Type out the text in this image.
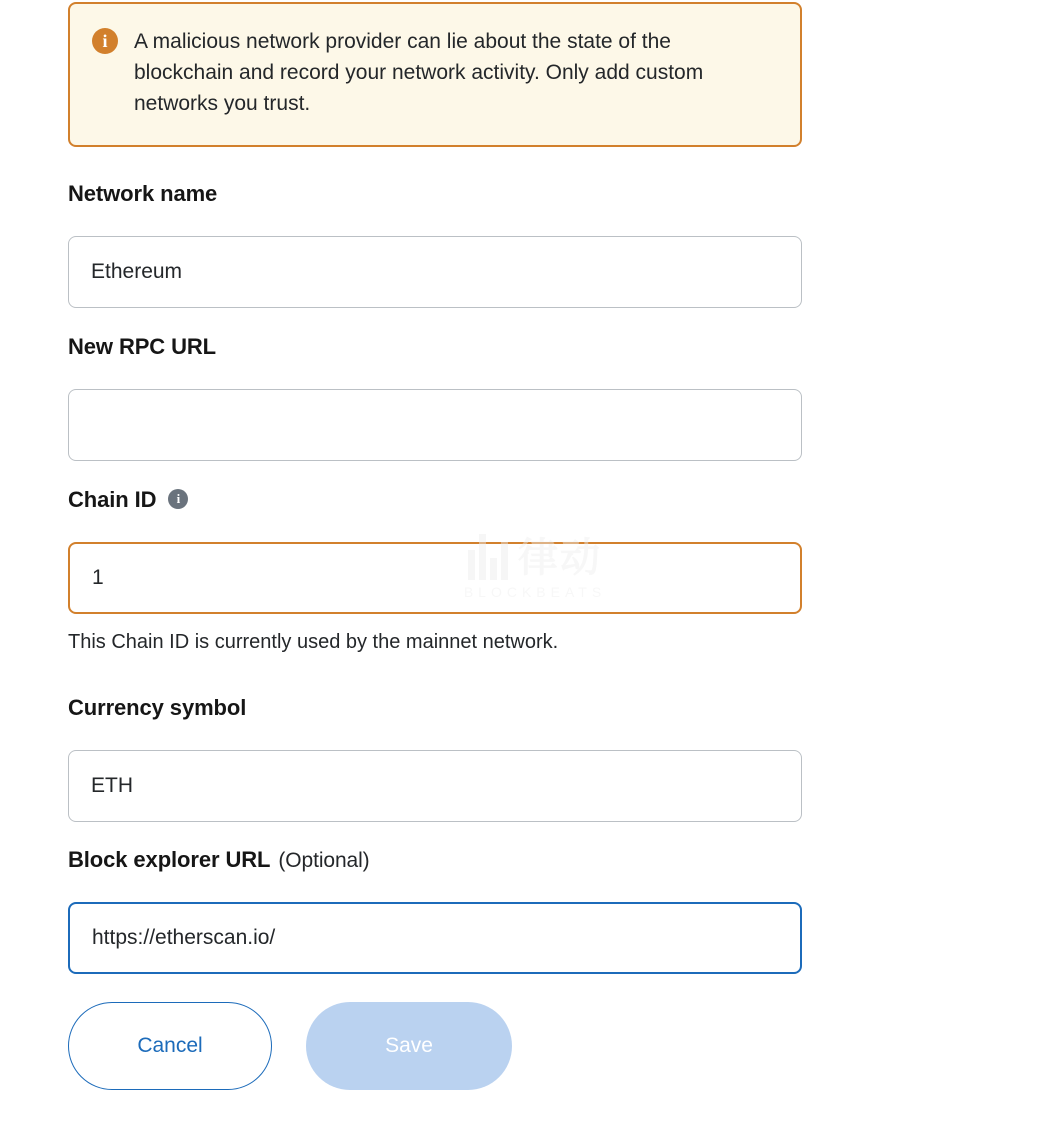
i	A malicious network provider can lie about the state of the blockchain and record your network activity. Only add custom networks you trust.
Network name
Ethereum
New RPC URL
Chain ID i
1
This Chain ID is currently used by the mainnet network.
Currency symbol
ETH
Block explorer URL (Optional)
https://etherscan.io/
Cancel	Save
律动
BLOCKBEATS
